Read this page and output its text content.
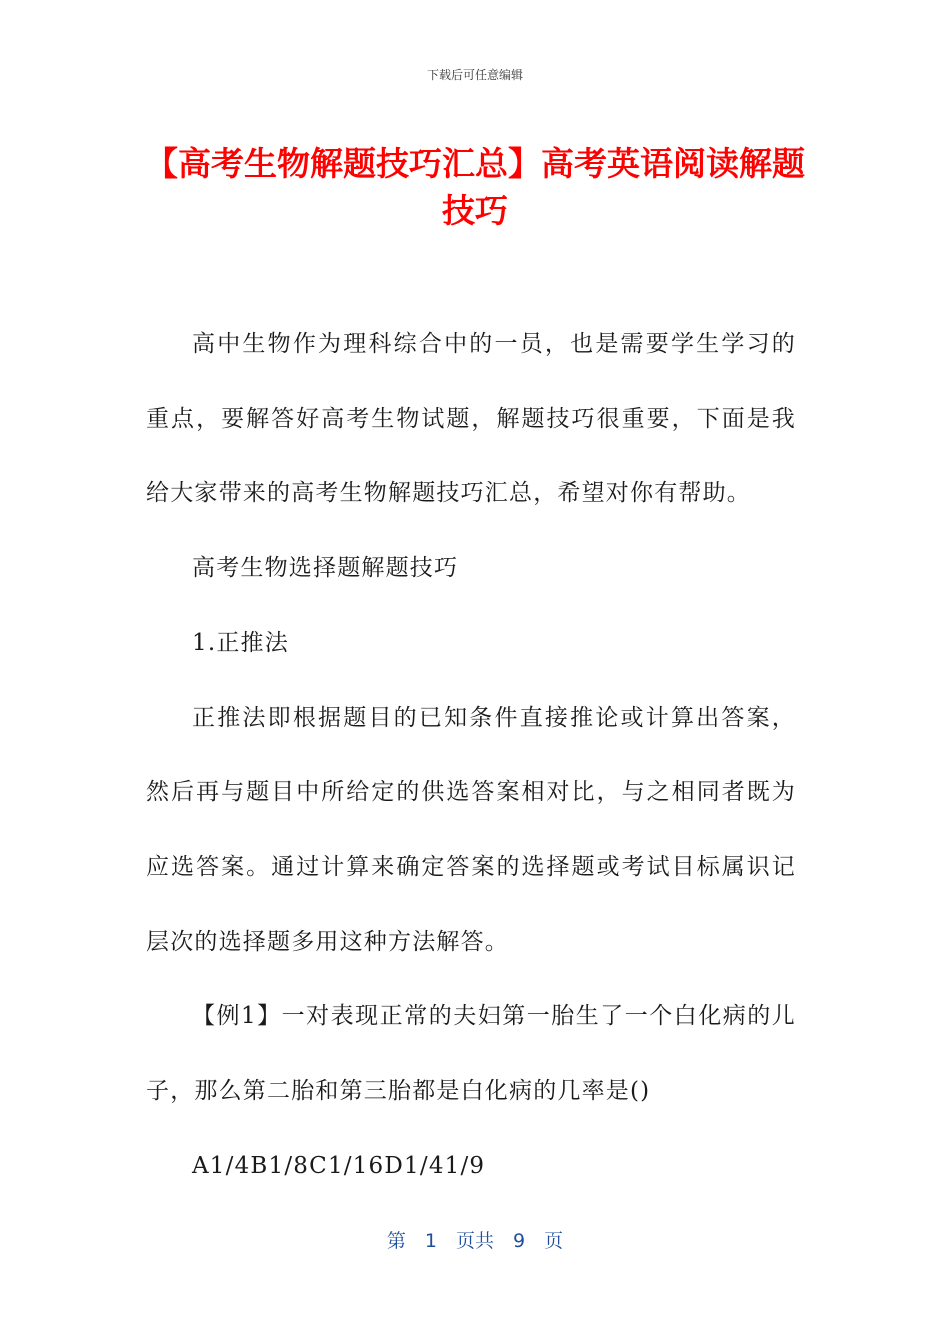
下载后可任意编辑
【高考生物解题技巧汇总】高考英语阅读解题技巧

高中生物作为理科综合中的一员，也是需要学生学习的重点，要解答好高考生物试题，解题技巧很重要，下面是我给大家带来的高考生物解题技巧汇总，希望对你有帮助。

高考生物选择题解题技巧

1.正推法

正推法即根据题目的已知条件直接推论或计算出答案，然后再与题目中所给定的供选答案相对比，与之相同者既为应选答案。通过计算来确定答案的选择题或考试目标属识记层次的选择题多用这种方法解答。

【例1】一对表现正常的夫妇第一胎生了一个白化病的儿子，那么第二胎和第三胎都是白化病的几率是()

A1/4B1/8C1/16D1/41/9

第　1　页共　9　页
